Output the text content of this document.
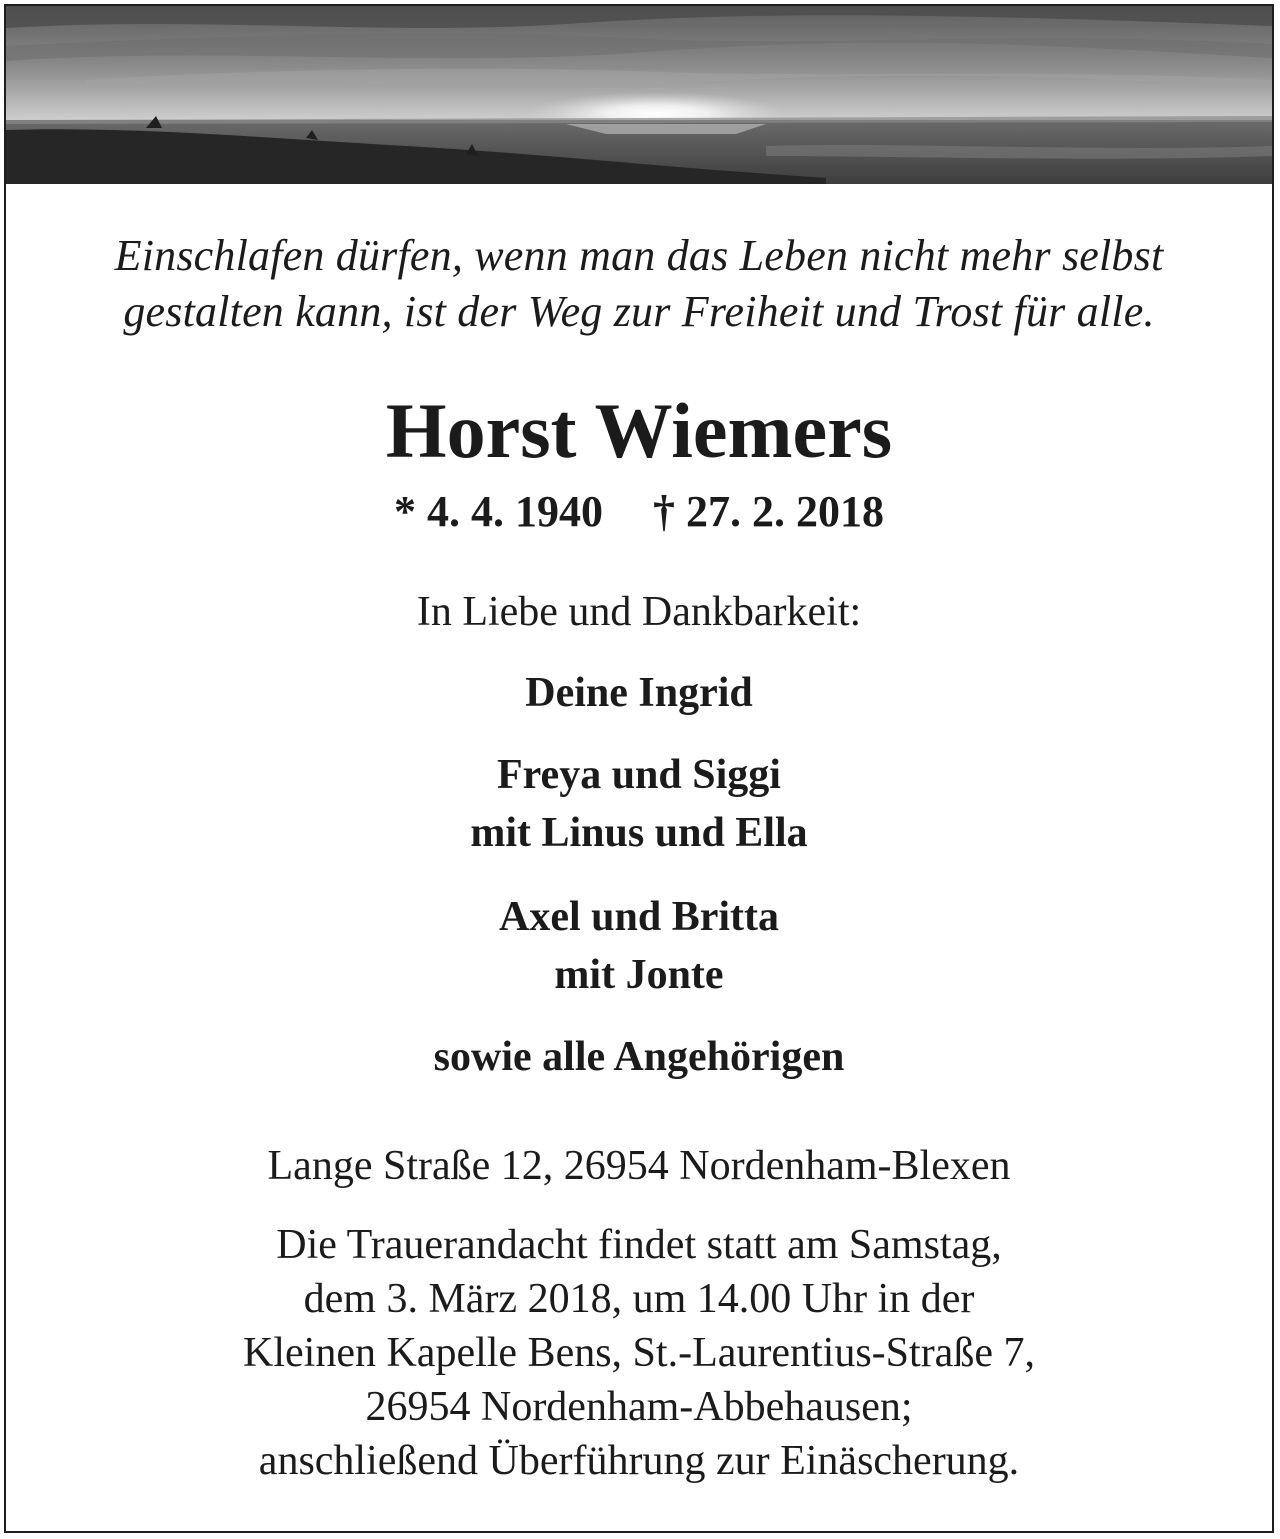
Einschlafen dürfen, wenn man das Leben nicht mehr selbst
gestalten kann, ist der Weg zur Freiheit und Trost für alle.
Horst Wiemers
* 4. 4. 1940 † 27. 2. 2018
In Liebe und Dankbarkeit:
Deine Ingrid
Freya und Siggi
mit Linus und Ella
Axel und Britta
mit Jonte
sowie alle Angehörigen
Lange Straße 12, 26954 Nordenham-Blexen
Die Trauerandacht findet statt am Samstag,
dem 3. März 2018, um 14.00 Uhr in der
Kleinen Kapelle Bens, St.-Laurentius-Straße 7,
26954 Nordenham-Abbehausen;
anschließend Überführung zur Einäscherung.
